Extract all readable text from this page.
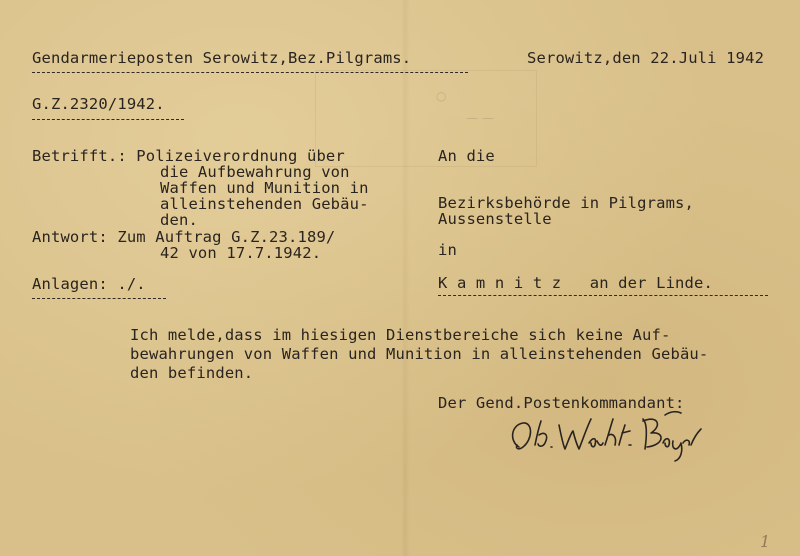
○
— —
Gendarmerieposten Serowitz,Bez.Pilgrams.	Serowitz,den 22.Juli 1942
G.Z.2320/1942.
Betrifft.: Polizeiverordnung über
die Aufbewahrung von
Waffen und Munition in
alleinstehenden Gebäu-
den.
Antwort: Zum Auftrag G.Z.23.189/
42 von 17.7.1942.
Anlagen: ./.
An die
Bezirksbehörde in Pilgrams,
Aussenstelle
in
K a m n i t z   an der Linde.
Ich melde,dass im hiesigen Dienstbereiche sich keine Auf-
bewahrungen von Waffen und Munition in alleinstehenden Gebäu-
den befinden.
Der Gend.Postenkommandant:
1
